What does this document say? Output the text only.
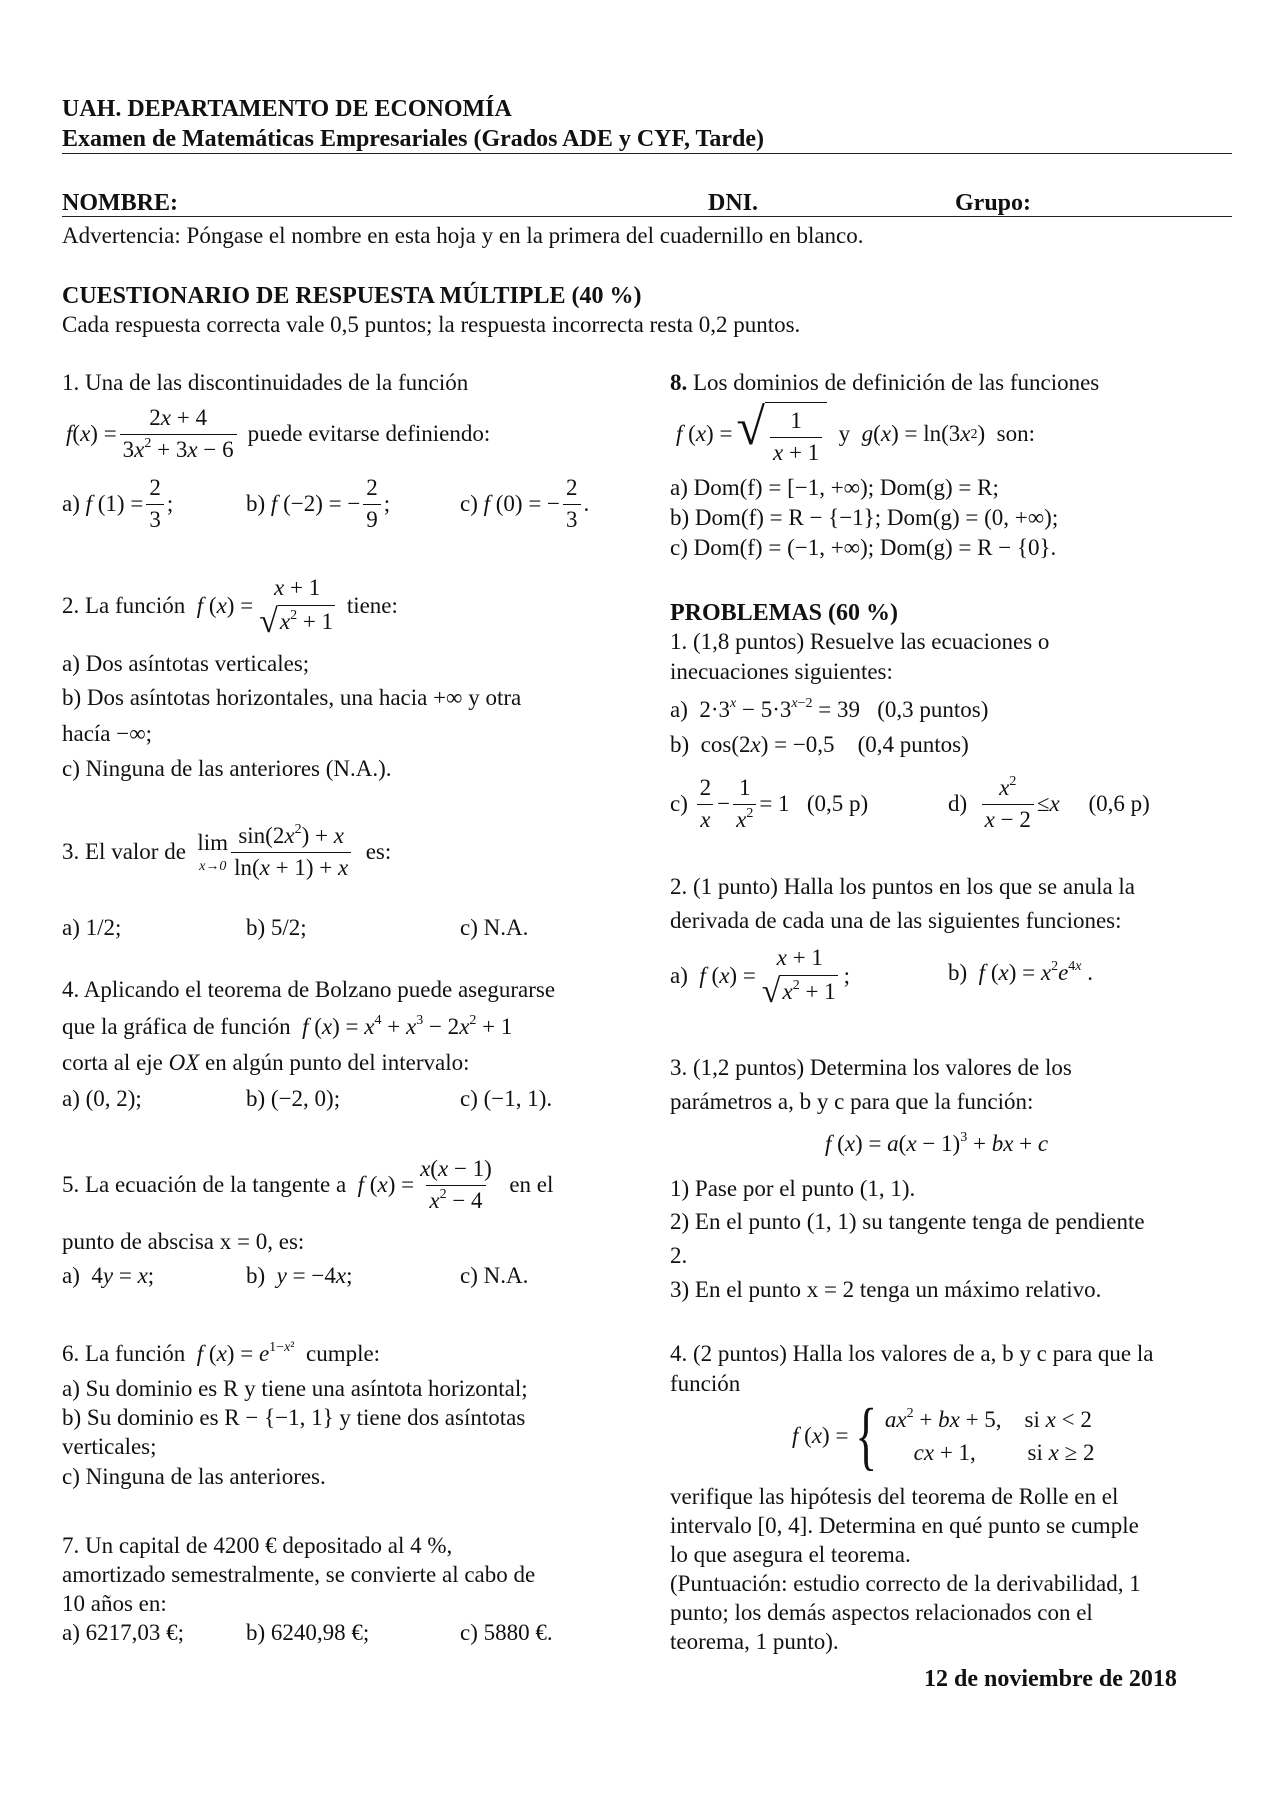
UAH. DEPARTAMENTO DE ECONOMÍA
Examen de Matemáticas Empresariales (Grados ADE y CYF, Tarde)
NOMBRE:	DNI.	Grupo:
Advertencia: Póngase el nombre en esta hoja y en la primera del cuadernillo en blanco.
CUESTIONARIO DE RESPUESTA MÚLTIPLE (40 %)
Cada respuesta correcta vale 0,5 puntos; la respuesta incorrecta resta 0,2 puntos.
1. Una de las discontinuidades de la función
f ( x ) = $\frac{2x + 4}{3x^2 + 3x - 6}$ puede evitarse definiendo:
a) f $(1) = \frac{2}{3}$ ;	b) f (−2) = − $\frac{2}{9}$ ;	c) f (0) = − $\frac{2}{3}$ .
2 . La función
f ( x ) =
x + 1
√ $x^2 + 1$

tiene:
a) Dos asíntotas verticales;
b) Dos asíntotas horizontales, una hacia +∞ y otra
hacía −∞;
c) Ninguna de las anteriores (N.A.).
3 . El valor de
lim
$x\to 0 \frac{\sin(2x^2) + x}{\ln(x + 1) + x}$
es:
a) 1/2;	b) 5/2;	c) N.A.
4. Aplicando el teorema de Bolzano puede asegurarse
que la gráfica de función f $(x) = x^4 + x^3 - 2x^2 + 1$
corta al eje OX en algún punto del intervalo:
a) (0, 2);	b) (−2, 0);	c) (−1, 1).
5 . La ecuación de la tangente a
f ( x ) = $\frac{x(x - 1)}{x^2 - 4}$
en el
punto de abscisa x = 0, es:
a)  4y = x;	b)  y = −4x;	c) N.A.
6. La función f $(x) = e^{1-x^2}$ cumple:
a) Su dominio es R y tiene una asíntota horizontal;
b) Su dominio es R − {−1, 1} y tiene dos asíntotas
verticales;
c) Ninguna de las anteriores.
7. Un capital de 4200 € depositado al 4 %,
amortizado semestralmente, se convierte al cabo de
10 años en:
a) 6217,03 €;	b) 6240,98 €;	c) 5880 €.
8. Los dominios de definición de las funciones
f ( x ) = √ $\frac{1}{x + 1}$
y
g ( x ) = ln(3 x 2 ) son:
a) Dom(f) = [−1, +∞); Dom(g) = R;
b) Dom(f) = R − {−1}; Dom(g) = (0, +∞);
c) Dom(f) = (−1, +∞); Dom(g) = R − {0}.
PROBLEMAS (60 %)
1. (1,8 puntos) Resuelve las ecuaciones o
inecuaciones siguientes:
a)  $2\cdot 3^x - 5\cdot 3^{x-2} = 39$   (0,3 puntos)
b)  cos(2x) = −0,5    (0,4 puntos)
$c) \frac{2}{x} - \frac{1}{x^2} = 1$ (0,5 p)	$d) \frac{x^2}{x - 2} \le x$
(0,6 p)
2. (1 punto) Halla los puntos en los que se anula la
derivada de cada una de las siguientes funciones:
a) f ( x ) =
x + 1
√ $x^2 + 1$
;	b)  f $(x) = x^2e^{4x}$ .
3. (1,2 puntos) Determina los valores de los
parámetros a, b y c para que la función:
f $(x) = a(x - 1)^3$ + bx + c
1) Pase por el punto (1, 1).
2) En el punto (1, 1) su tangente tenga de pendiente
2.
3) En el punto x = 2 tenga un máximo relativo.
4. (2 puntos) Halla los valores de a, b y c para que la
función
f ( x ) = { $ax^2$ + bx + 5,    si x < 2
cx + 1,         si x ≥ 2
verifique las hipótesis del teorema de Rolle en el
intervalo [0, 4]. Determina en qué punto se cumple
lo que asegura el teorema.
(Puntuación: estudio correcto de la derivabilidad, 1
punto; los demás aspectos relacionados con el
teorema, 1 punto).
12 de noviembre de 2018
